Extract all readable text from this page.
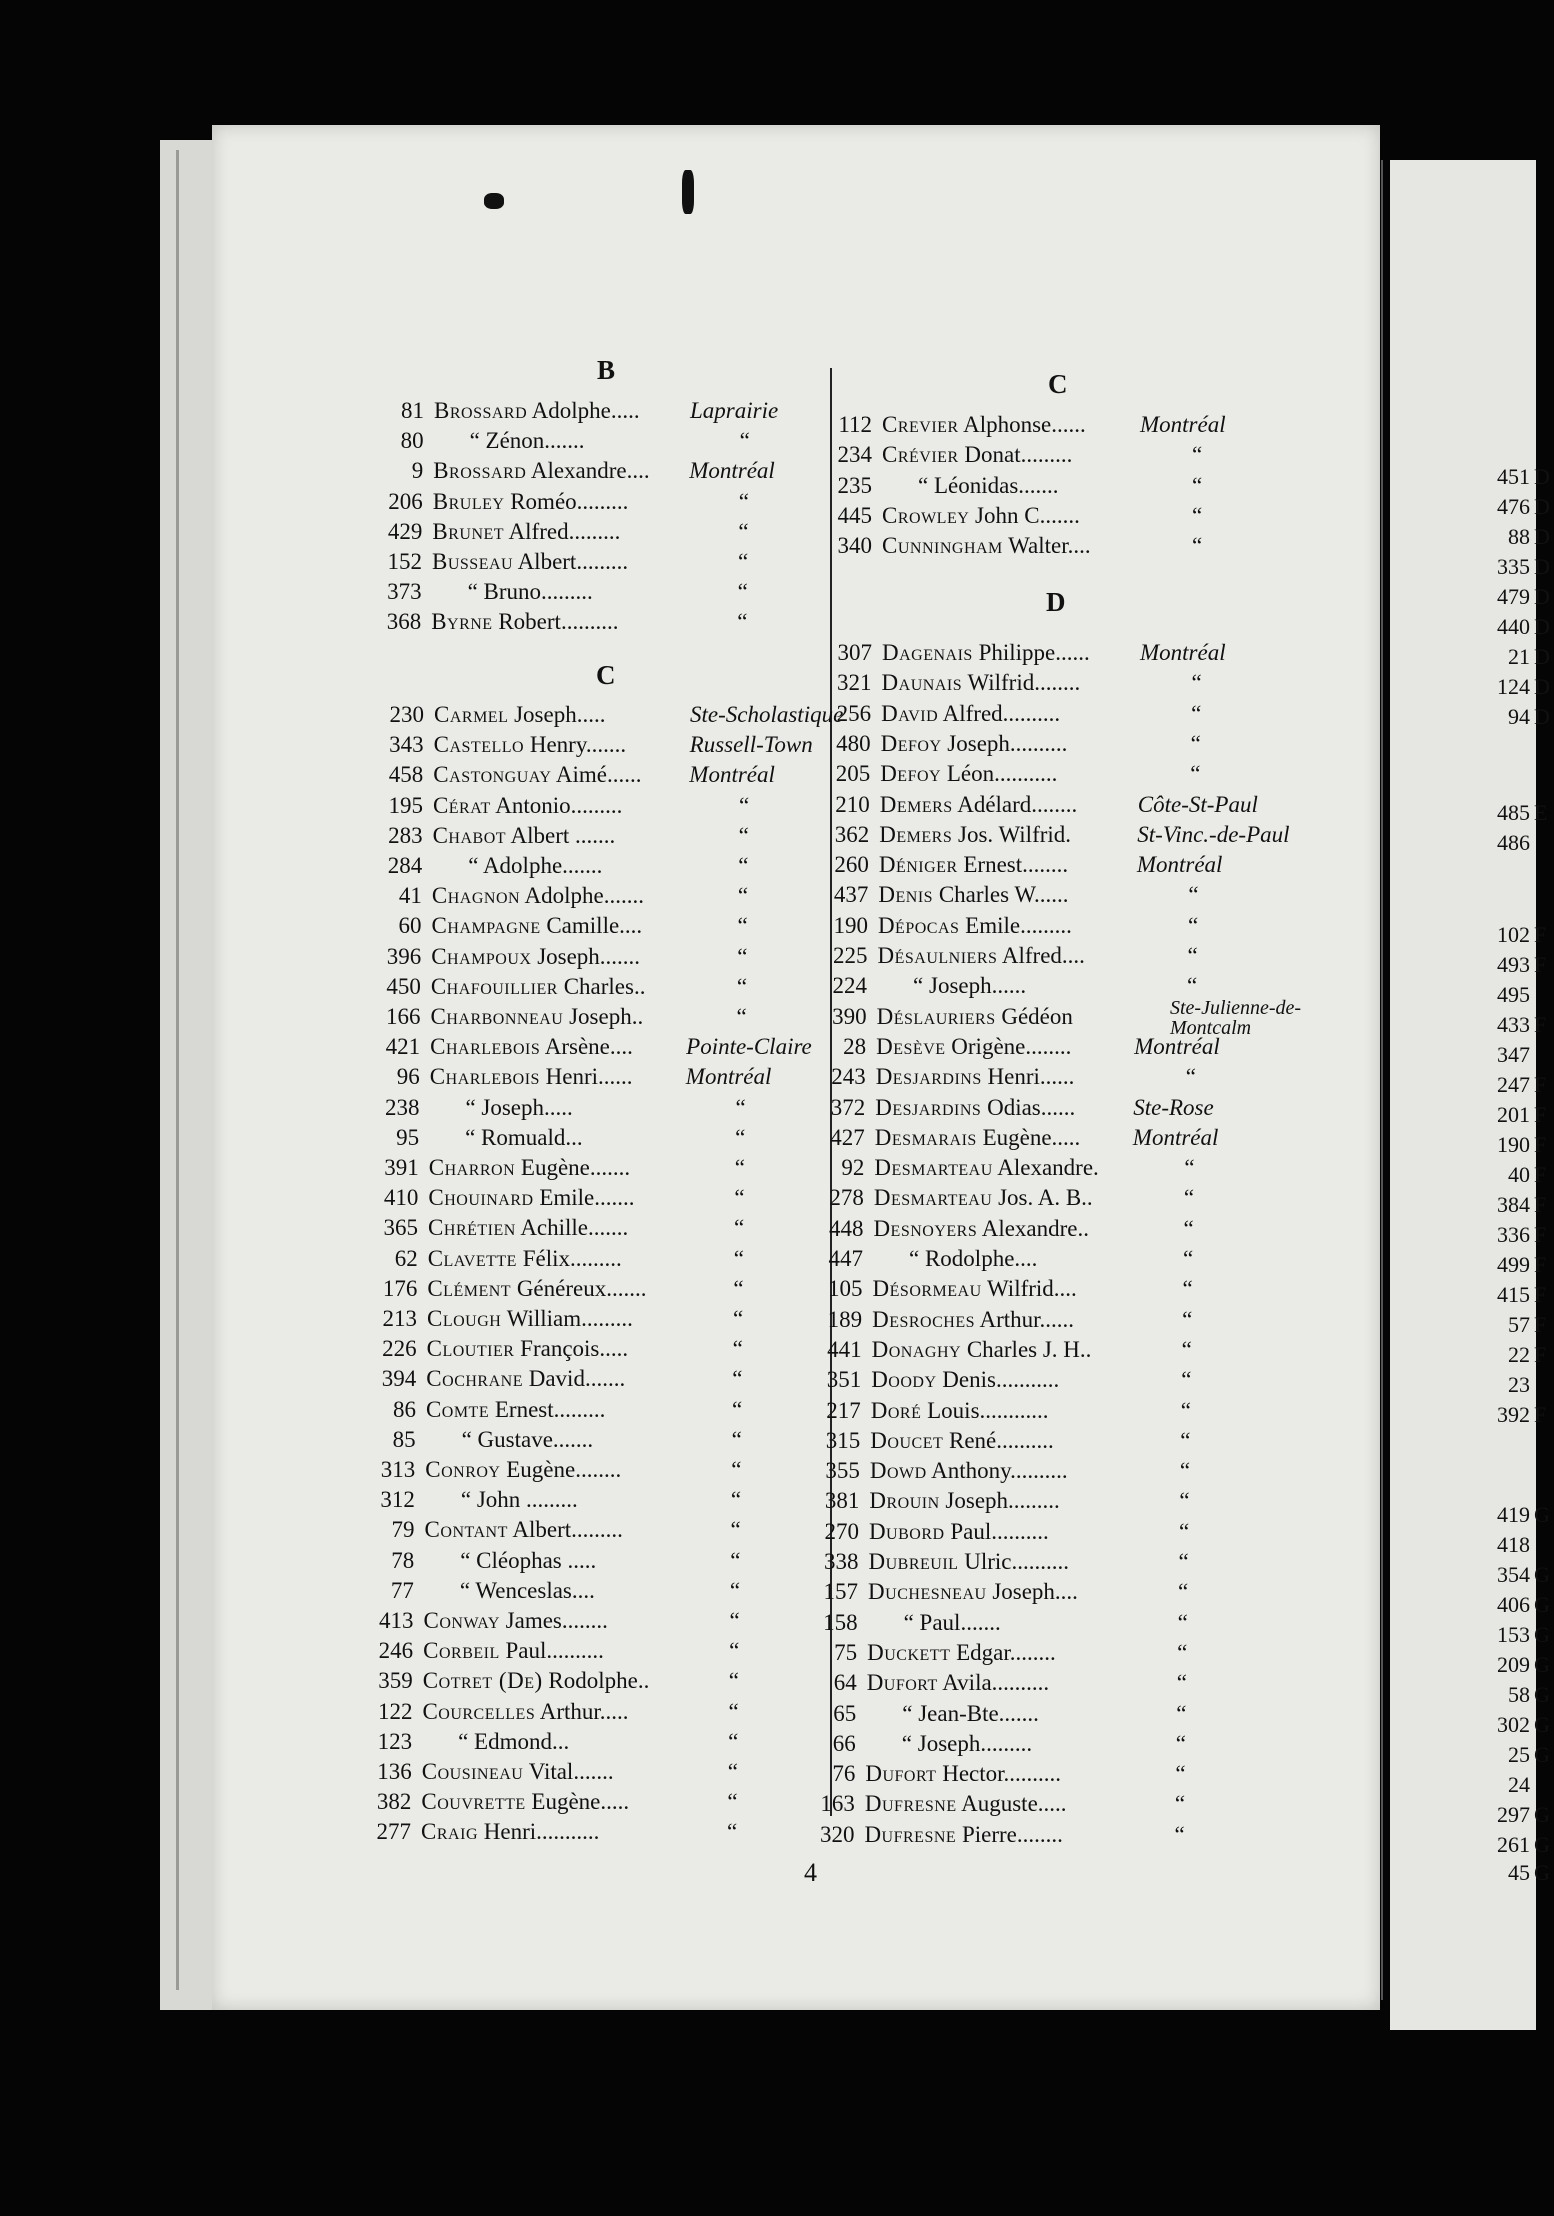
B
81 Brossard Adolphe..... Laprairie
80	“ Zénon.......	“
9 Brossard Alexandre.... Montréal
206 Bruley Roméo.........	“
429 Brunet Alfred.........	“
152 Busseau Albert.........	“
373	“ Bruno.........	“
368 Byrne Robert..........	“
C
230 Carmel Joseph.....	Ste-Scholastique
343 Castello Henry.......	Russell-Town
458 Castonguay Aimé...... Montréal
195 Cérat Antonio.........	“
283 Chabot Albert .......	“
284	“ Adolphe.......	“
41 Chagnon Adolphe.......	“
60 Champagne Camille....	“
396 Champoux Joseph.......	“
450 Chafouillier Charles..	“
166 Charbonneau Joseph..	“
421 Charlebois Arsène.... Pointe-Claire
96 Charlebois Henri...... Montréal
238	“ Joseph.....	“
95	“ Romuald...	“
391 Charron Eugène.......	“
410 Chouinard Emile.......	“
365 Chrétien Achille.......	“
62 Clavette Félix.........	“
176 Clément Généreux.......	“
213 Clough William.........	“
226 Cloutier François.....	“
394 Cochrane David.......	“
86 Comte Ernest.........	“
85	“ Gustave.......	“
313 Conroy Eugène........	“
312	“ John .........	“
79 Contant Albert.........	“
78	“ Cléophas .....	“
77	“ Wenceslas....	“
413 Conway James........	“
246 Corbeil Paul..........	“
359 Cotret (De) Rodolphe..	“
122 Courcelles Arthur.....	“
123	“ Edmond...	“
136 Cousineau Vital.......	“
382 Couvrette Eugène.....	“
277 Craig Henri...........	“
C
112 Crevier Alphonse...... Montréal
234 Crévier Donat.........	“
235	“ Léonidas.......	“
445 Crowley John C.......	“
340 Cunningham Walter....	“
D
307 Dagenais Philippe...... Montréal
321 Daunais Wilfrid........	“
256 David Alfred..........	“
480 Defoy Joseph..........	“
205 Defoy Léon...........	“
210 Demers Adélard........	Côte-St-Paul
362 Demers Jos. Wilfrid.	St-Vinc.-de-Paul
260 Déniger Ernest........	Montréal
437 Denis Charles W......	“
190 Dépocas Emile.........	“
225 Désaulniers Alfred....	“
224	“ Joseph......	“
390 Déslauriers Gédéon	Ste-Julienne-de-Montcalm
28 Desève Origène........	Montréal
243 Desjardins Henri......	“
372 Desjardins Odias......	Ste-Rose
427 Desmarais Eugène..... Montréal
92 Desmarteau Alexandre.	“
278 Desmarteau Jos. A. B..	“
448 Desnoyers Alexandre..	“
447	“ Rodolphe....	“
105 Désormeau Wilfrid....	“
189 Desroches Arthur......	“
441 Donaghy Charles J. H..	“
351 Doody Denis...........	“
217 Doré Louis............	“
315 Doucet René..........	“
355 Dowd Anthony..........	“
381 Drouin Joseph.........	“
270 Dubord Paul..........	“
338 Dubreuil Ulric..........	“
157 Duchesneau Joseph....	“
158	“ Paul.......	“
75 Duckett Edgar........	“
64 Dufort Avila..........	“
65	“ Jean-Bte.......	“
66	“ Joseph.........	“
76 Dufort Hector..........	“
163 Dufresne Auguste.....	“
320 Dufresne Pierre........	“
451 D
476 D
88 D
335 D
479 D
440 D
21 D
124 D
94 D
485 E
486
102 F
493 F
495
433 F
347
247 F
201 F
190 F
40 F
384 F
336 F
499 F
415 F
57 F
22 F
23
392 F
419 G
418
354 G
406 G
153 G
209 G
58 G
302 G
25 G
24
297 G
261 G
45 G
4
